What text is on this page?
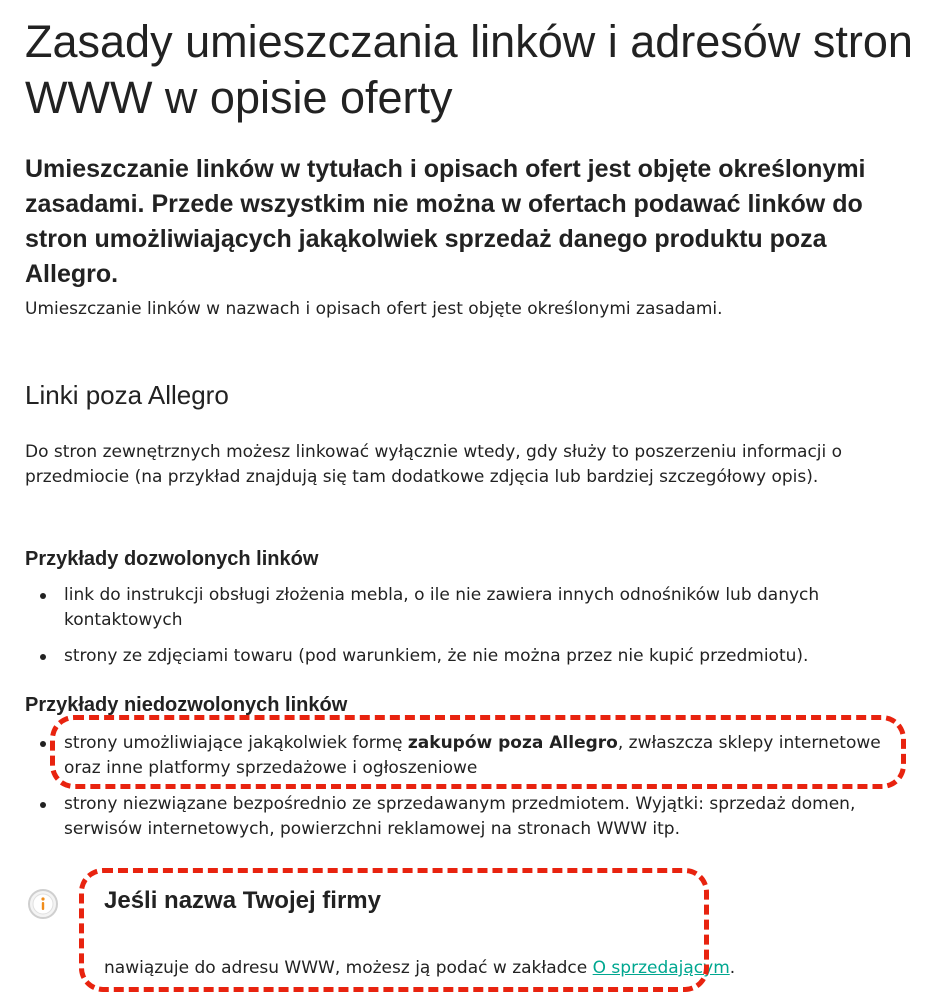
Zasady umieszczania linków i adresów stron WWW w opisie oferty

Umieszczanie linków w tytułach i opisach ofert jest objęte określonymi zasadami. Przede wszystkim nie można w ofertach podawać linków do stron umożliwiających jakąkolwiek sprzedaż danego produktu poza Allegro.

Umieszczanie linków w nazwach i opisach ofert jest objęte określonymi zasadami.

Linki poza Allegro

Do stron zewnętrznych możesz linkować wyłącznie wtedy, gdy służy to poszerzeniu informacji o przedmiocie (na przykład znajdują się tam dodatkowe zdjęcia lub bardziej szczegółowy opis).

Przykłady dozwolonych linków
link do instrukcji obsługi złożenia mebla, o ile nie zawiera innych odnośników lub danych kontaktowych
strony ze zdjęciami towaru (pod warunkiem, że nie można przez nie kupić przedmiotu).
Przykłady niedozwolonych linków
strony umożliwiające jakąkolwiek formę zakupów poza Allegro, zwłaszcza sklepy internetowe oraz inne platformy sprzedażowe i ogłoszeniowe
strony niezwiązane bezpośrednio ze sprzedawanym przedmiotem. Wyjątki: sprzedaż domen, serwisów internetowych, powierzchni reklamowej na stronach WWW itp.
Jeśli nazwa Twojej firmy

nawiązuje do adresu WWW, możesz ją podać w zakładce O sprzedającym.
